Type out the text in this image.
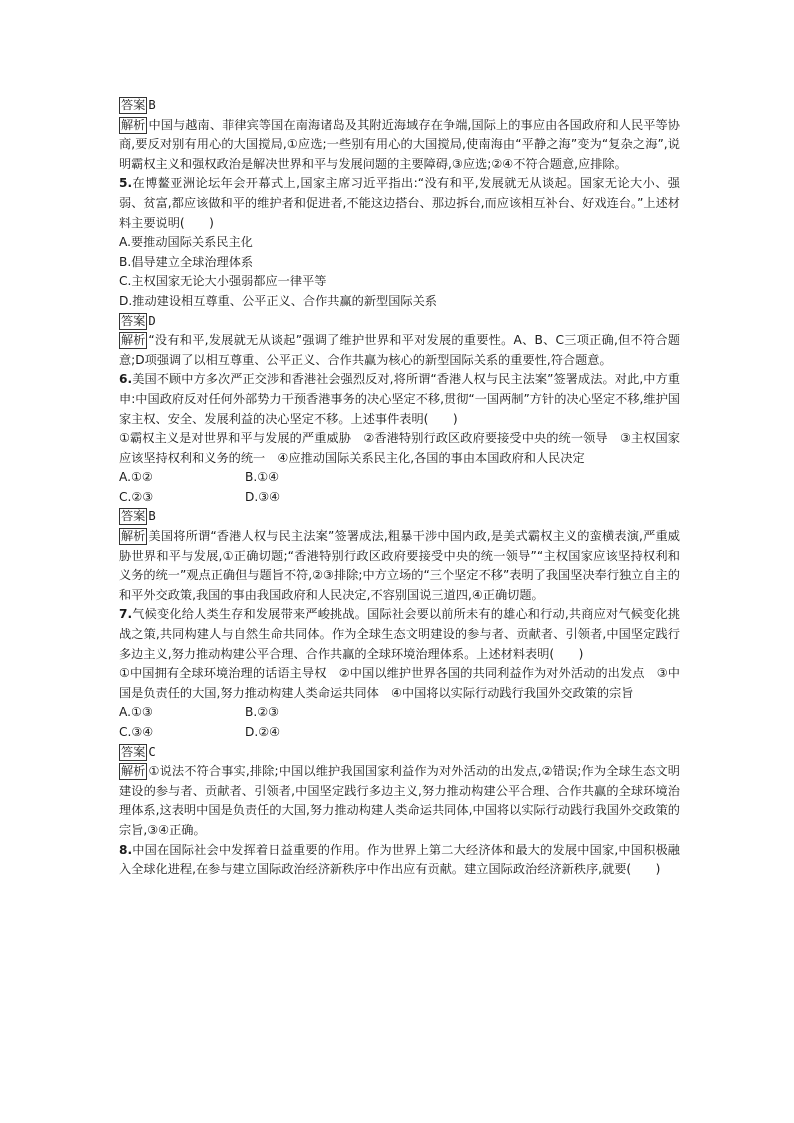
答案 B

解析 中国与越南、菲律宾等国在南海诸岛及其附近海域存在争端,国际上的事应由各国政府和人民平等协商,要反对别有用心的大国搅局,①应选;一些别有用心的大国搅局,使南海由“平静之海”变为“复杂之海”,说明霸权主义和强权政治是解决世界和平与发展问题的主要障碍,③应选;②④不符合题意,应排除。

5.在博鳌亚洲论坛年会开幕式上,国家主席习近平指出:“没有和平,发展就无从谈起。国家无论大小、强弱、贫富,都应该做和平的维护者和促进者,不能这边搭台、那边拆台,而应该相互补台、好戏连台。”上述材料主要说明(　　)

A.要推动国际关系民主化

B.倡导建立全球治理体系

C.主权国家无论大小强弱都应一律平等

D.推动建设相互尊重、公平正义、合作共赢的新型国际关系

答案 D

解析 “没有和平,发展就无从谈起”强调了维护世界和平对发展的重要性。A、B、C三项正确,但不符合题意;D项强调了以相互尊重、公平正义、合作共赢为核心的新型国际关系的重要性,符合题意。

6.美国不顾中方多次严正交涉和香港社会强烈反对,将所谓“香港人权与民主法案”签署成法。对此,中方重申:中国政府反对任何外部势力干预香港事务的决心坚定不移,贯彻“一国两制”方针的决心坚定不移,维护国家主权、安全、发展利益的决心坚定不移。上述事件表明(　　)

①霸权主义是对世界和平与发展的严重威胁　②香港特别行政区政府要接受中央的统一领导　③主权国家应该坚持权利和义务的统一　④应推动国际关系民主化,各国的事由本国政府和人民决定

A.①②	B.①④
C.②③	D.③④

答案 B

解析 美国将所谓“香港人权与民主法案”签署成法,粗暴干涉中国内政,是美式霸权主义的蛮横表演,严重威胁世界和平与发展,①正确切题;“香港特别行政区政府要接受中央的统一领导”“主权国家应该坚持权利和义务的统一”观点正确但与题旨不符,②③排除;中方立场的“三个坚定不移”表明了我国坚决奉行独立自主的和平外交政策,我国的事由我国政府和人民决定,不容别国说三道四,④正确切题。

7.气候变化给人类生存和发展带来严峻挑战。国际社会要以前所未有的雄心和行动,共商应对气候变化挑战之策,共同构建人与自然生命共同体。作为全球生态文明建设的参与者、贡献者、引领者,中国坚定践行多边主义,努力推动构建公平合理、合作共赢的全球环境治理体系。上述材料表明(　　)

①中国拥有全球环境治理的话语主导权　②中国以维护世界各国的共同利益作为对外活动的出发点　③中国是负责任的大国,努力推动构建人类命运共同体　④中国将以实际行动践行我国外交政策的宗旨

A.①③	B.②③
C.③④	D.②④

答案 C

解析 ①说法不符合事实,排除;中国以维护我国国家利益作为对外活动的出发点,②错误;作为全球生态文明建设的参与者、贡献者、引领者,中国坚定践行多边主义,努力推动构建公平合理、合作共赢的全球环境治理体系,这表明中国是负责任的大国,努力推动构建人类命运共同体,中国将以实际行动践行我国外交政策的宗旨,③④正确。

8.中国在国际社会中发挥着日益重要的作用。作为世界上第二大经济体和最大的发展中国家,中国积极融入全球化进程,在参与建立国际政治经济新秩序中作出应有贡献。建立国际政治经济新秩序,就要(　　)
